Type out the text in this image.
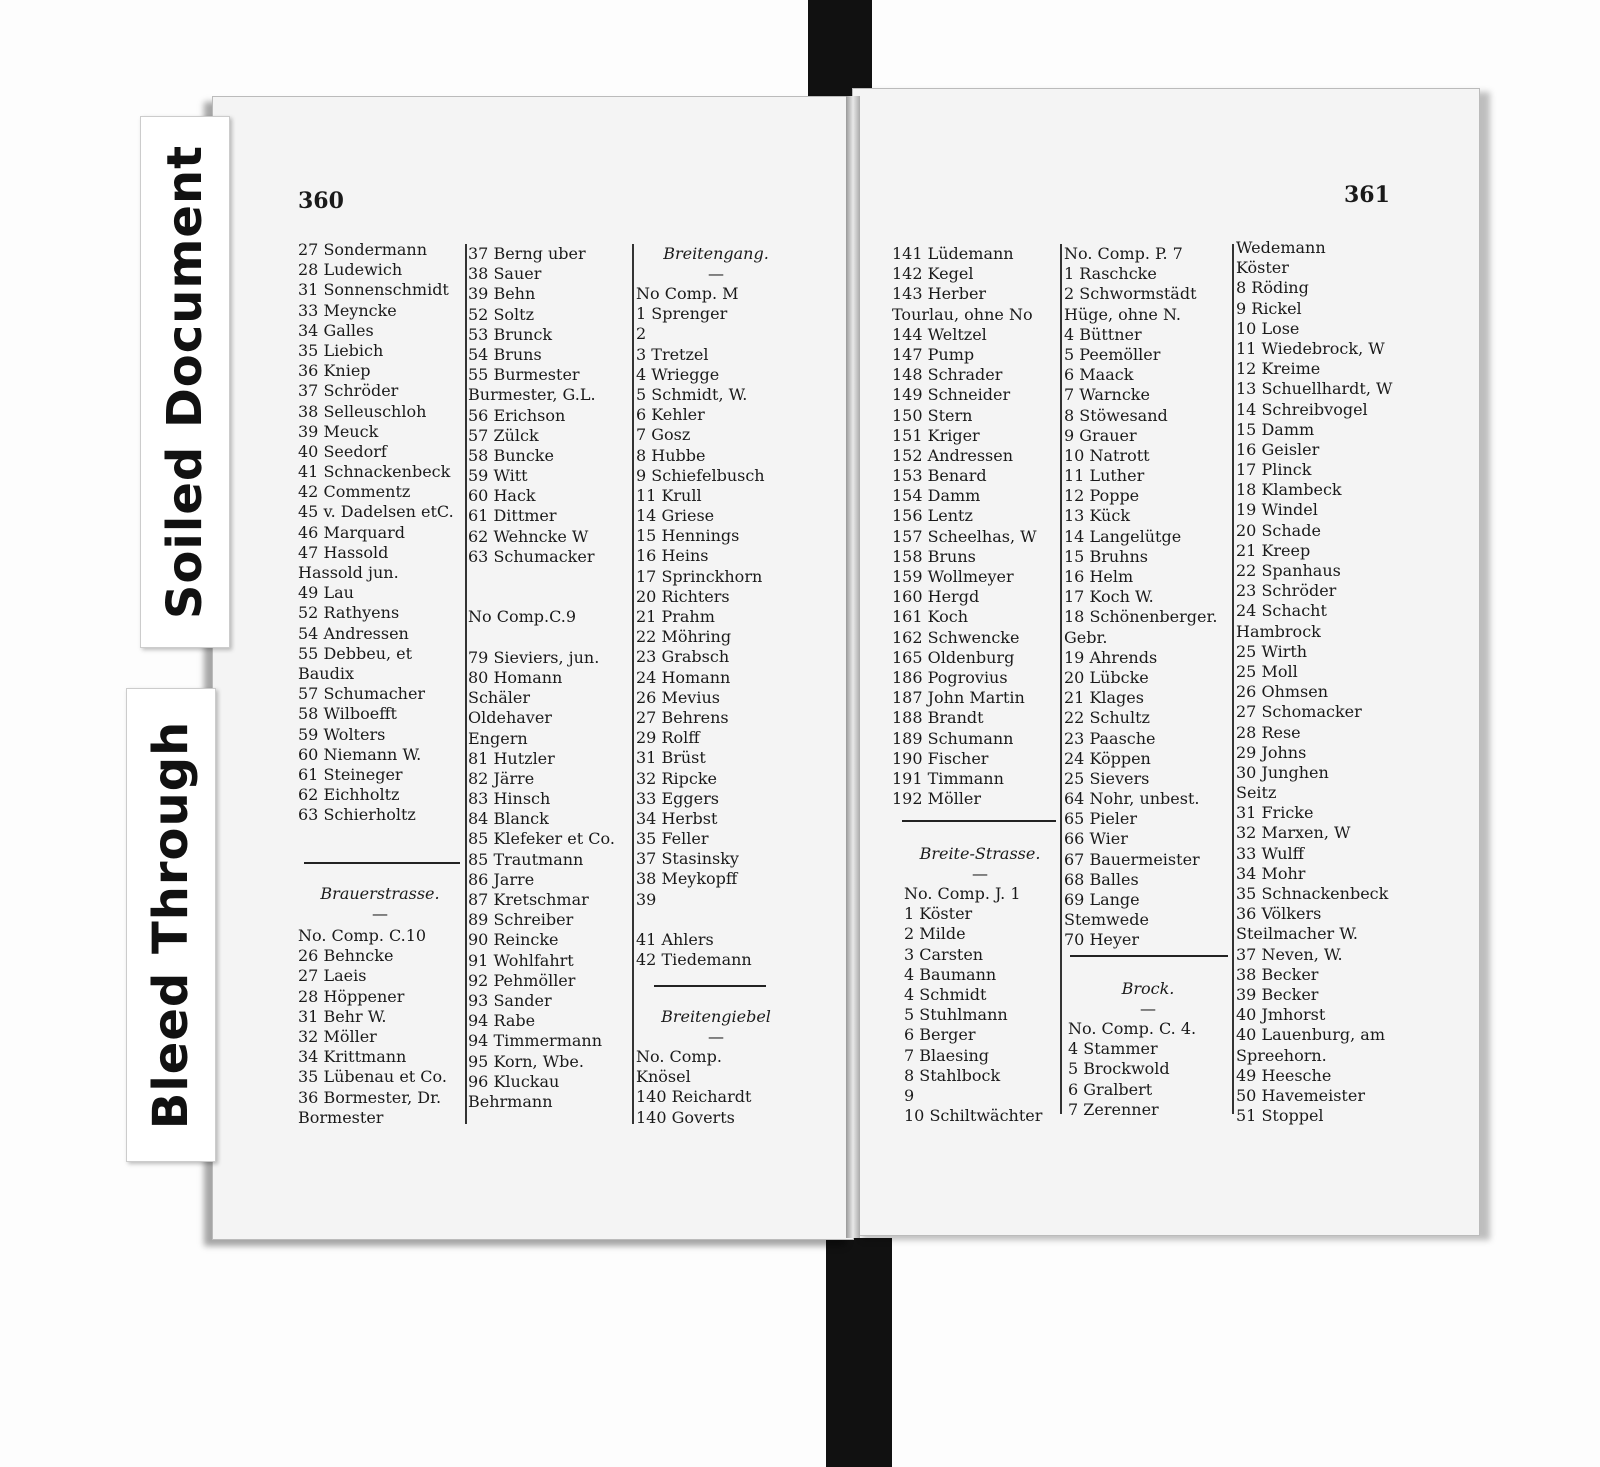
Soiled Document
Bleed Through
360	361
27 Sondermann
28 Ludewich
31 Sonnenschmidt
33 Meyncke
34 Galles
35 Liebich
36 Kniep
37 Schröder
38 Selleuschloh
39 Meuck
40 Seedorf
41 Schnackenbeck
42 Commentz
45 v. Dadelsen etC.
46 Marquard
47 Hassold
Hassold jun.
49 Lau
52 Rathyens
54 Andressen
55 Debbeu, et
Baudix
57 Schumacher
58 Wilboefft
59 Wolters
60 Niemann W.
61 Steineger
62 Eichholtz
63 Schierholtz
Brauerstrasse.
—
No. Comp. C.10
26 Behncke
27 Laeis
28 Höppener
31 Behr W.
32 Möller
34 Krittmann
35 Lübenau et Co.
36 Bormester, Dr.
Bormester
37 Berng uber
38 Sauer
39 Behn
52 Soltz
53 Brunck
54 Bruns
55 Burmester
Burmester, G.L.
56 Erichson
57 Zülck
58 Buncke
59 Witt
60 Hack
61 Dittmer
62 Wehncke W
63 Schumacker
No Comp.C.9
79 Sieviers, jun.
80 Homann
Schäler
Oldehaver
Engern
81 Hutzler
82 Järre
83 Hinsch
84 Blanck
85 Klefeker et Co.
85 Trautmann
86 Jarre
87 Kretschmar
89 Schreiber
90 Reincke
91 Wohlfahrt
92 Pehmöller
93 Sander
94 Rabe
94 Timmermann
95 Korn, Wbe.
96 Kluckau
Behrmann
Breitengang.
—
No Comp. M
1 Sprenger
2
3 Tretzel
4 Wriegge
5 Schmidt, W.
6 Kehler
7 Gosz
8 Hubbe
9 Schiefelbusch
11 Krull
14 Griese
15 Hennings
16 Heins
17 Sprinckhorn
20 Richters
21 Prahm
22 Möhring
23 Grabsch
24 Homann
26 Mevius
27 Behrens
29 Rolff
31 Brüst
32 Ripcke
33 Eggers
34 Herbst
35 Feller
37 Stasinsky
38 Meykopff
39
41 Ahlers
42 Tiedemann
Breitengiebel
—
No. Comp.
Knösel
140 Reichardt
140 Goverts
141 Lüdemann
142 Kegel
143 Herber
Tourlau, ohne No
144 Weltzel
147 Pump
148 Schrader
149 Schneider
150 Stern
151 Kriger
152 Andressen
153 Benard
154 Damm
156 Lentz
157 Scheelhas, W
158 Bruns
159 Wollmeyer
160 Hergd
161 Koch
162 Schwencke
165 Oldenburg
186 Pogrovius
187 John Martin
188 Brandt
189 Schumann
190 Fischer
191 Timmann
192 Möller
Breite-Strasse.
—
No. Comp. J. 1
1 Köster
2 Milde
3 Carsten
4 Baumann
4 Schmidt
5 Stuhlmann
6 Berger
7 Blaesing
8 Stahlbock
9
10 Schiltwächter
No. Comp. P. 7
1 Raschcke
2 Schwormstädt
Hüge, ohne N.
4 Büttner
5 Peemöller
6 Maack
7 Warncke
8 Stöwesand
9 Grauer
10 Natrott
11 Luther
12 Poppe
13 Kück
14 Langelütge
15 Bruhns
16 Helm
17 Koch W.
18 Schönenberger.
Gebr.
19 Ahrends
20 Lübcke
21 Klages
22 Schultz
23 Paasche
24 Köppen
25 Sievers
64 Nohr, unbest.
65 Pieler
66 Wier
67 Bauermeister
68 Balles
69 Lange
Stemwede
70 Heyer
Brock.
—
No. Comp. C. 4.
4 Stammer
5 Brockwold
6 Gralbert
7 Zerenner
Wedemann
Köster
8 Röding
9 Rickel
10 Lose
11 Wiedebrock, W
12 Kreime
13 Schuellhardt, W
14 Schreibvogel
15 Damm
16 Geisler
17 Plinck
18 Klambeck
19 Windel
20 Schade
21 Kreep
22 Spanhaus
23 Schröder
24 Schacht
Hambrock
25 Wirth
25 Moll
26 Ohmsen
27 Schomacker
28 Rese
29 Johns
30 Junghen
Seitz
31 Fricke
32 Marxen, W
33 Wulff
34 Mohr
35 Schnackenbeck
36 Völkers
Steilmacher W.
37 Neven, W.
38 Becker
39 Becker
40 Jmhorst
40 Lauenburg, am
Spreehorn.
49 Heesche
50 Havemeister
51 Stoppel
